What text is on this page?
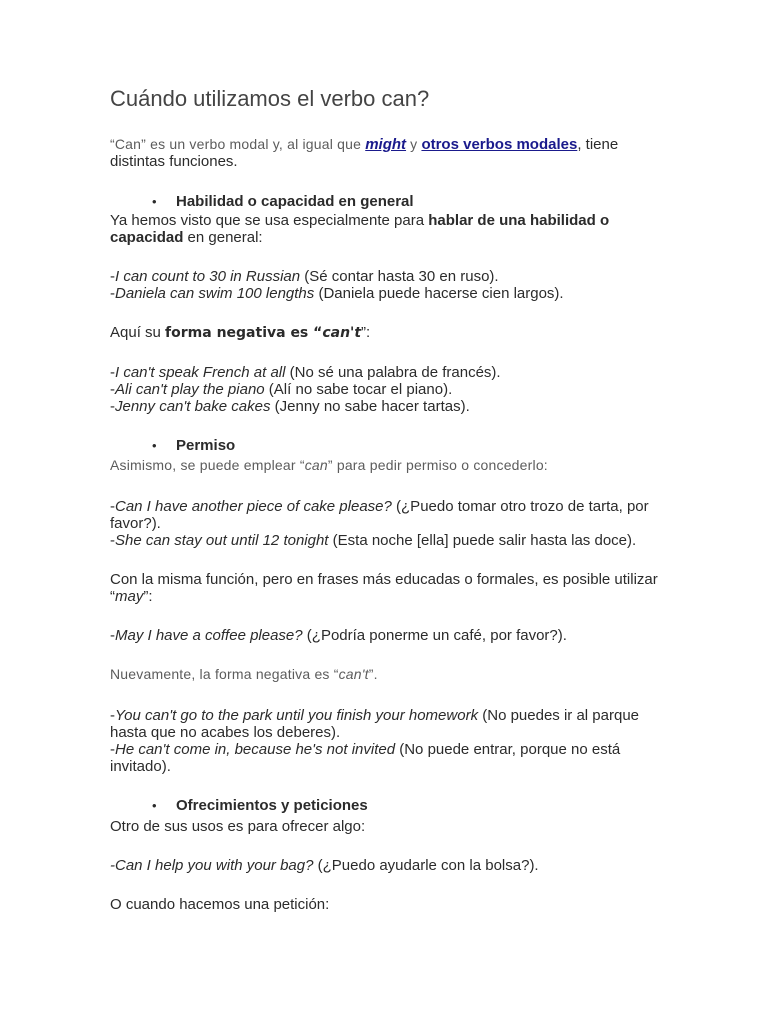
Cuándo utilizamos el verbo can?

“Can” es un verbo modal y, al igual que might y otros verbos modales, tiene distintas funciones.

• Habilidad o capacidad en general

Ya hemos visto que se usa especialmente para hablar de una habilidad o capacidad en general:

-I can count to 30 in Russian (Sé contar hasta 30 en ruso).

-Daniela can swim 100 lengths (Daniela puede hacerse cien largos).

Aquí su forma negativa es “can't”:

-I can't speak French at all (No sé una palabra de francés).

-Ali can't play the piano (Alí no sabe tocar el piano).

-Jenny can't bake cakes (Jenny no sabe hacer tartas).

• Permiso

Asimismo, se puede emplear “can” para pedir permiso o concederlo:

-Can I have another piece of cake please? (¿Puedo tomar otro trozo de tarta, por favor?).

-She can stay out until 12 tonight (Esta noche [ella] puede salir hasta las doce).

Con la misma función, pero en frases más educadas o formales, es posible utilizar “may”:

-May I have a coffee please? (¿Podría ponerme un café, por favor?).

Nuevamente, la forma negativa es “can't”.

-You can't go to the park until you finish your homework (No puedes ir al parque hasta que no acabes los deberes).

-He can't come in, because he's not invited (No puede entrar, porque no está invitado).

• Ofrecimientos y peticiones

Otro de sus usos es para ofrecer algo:

-Can I help you with your bag? (¿Puedo ayudarle con la bolsa?).

O cuando hacemos una petición:
